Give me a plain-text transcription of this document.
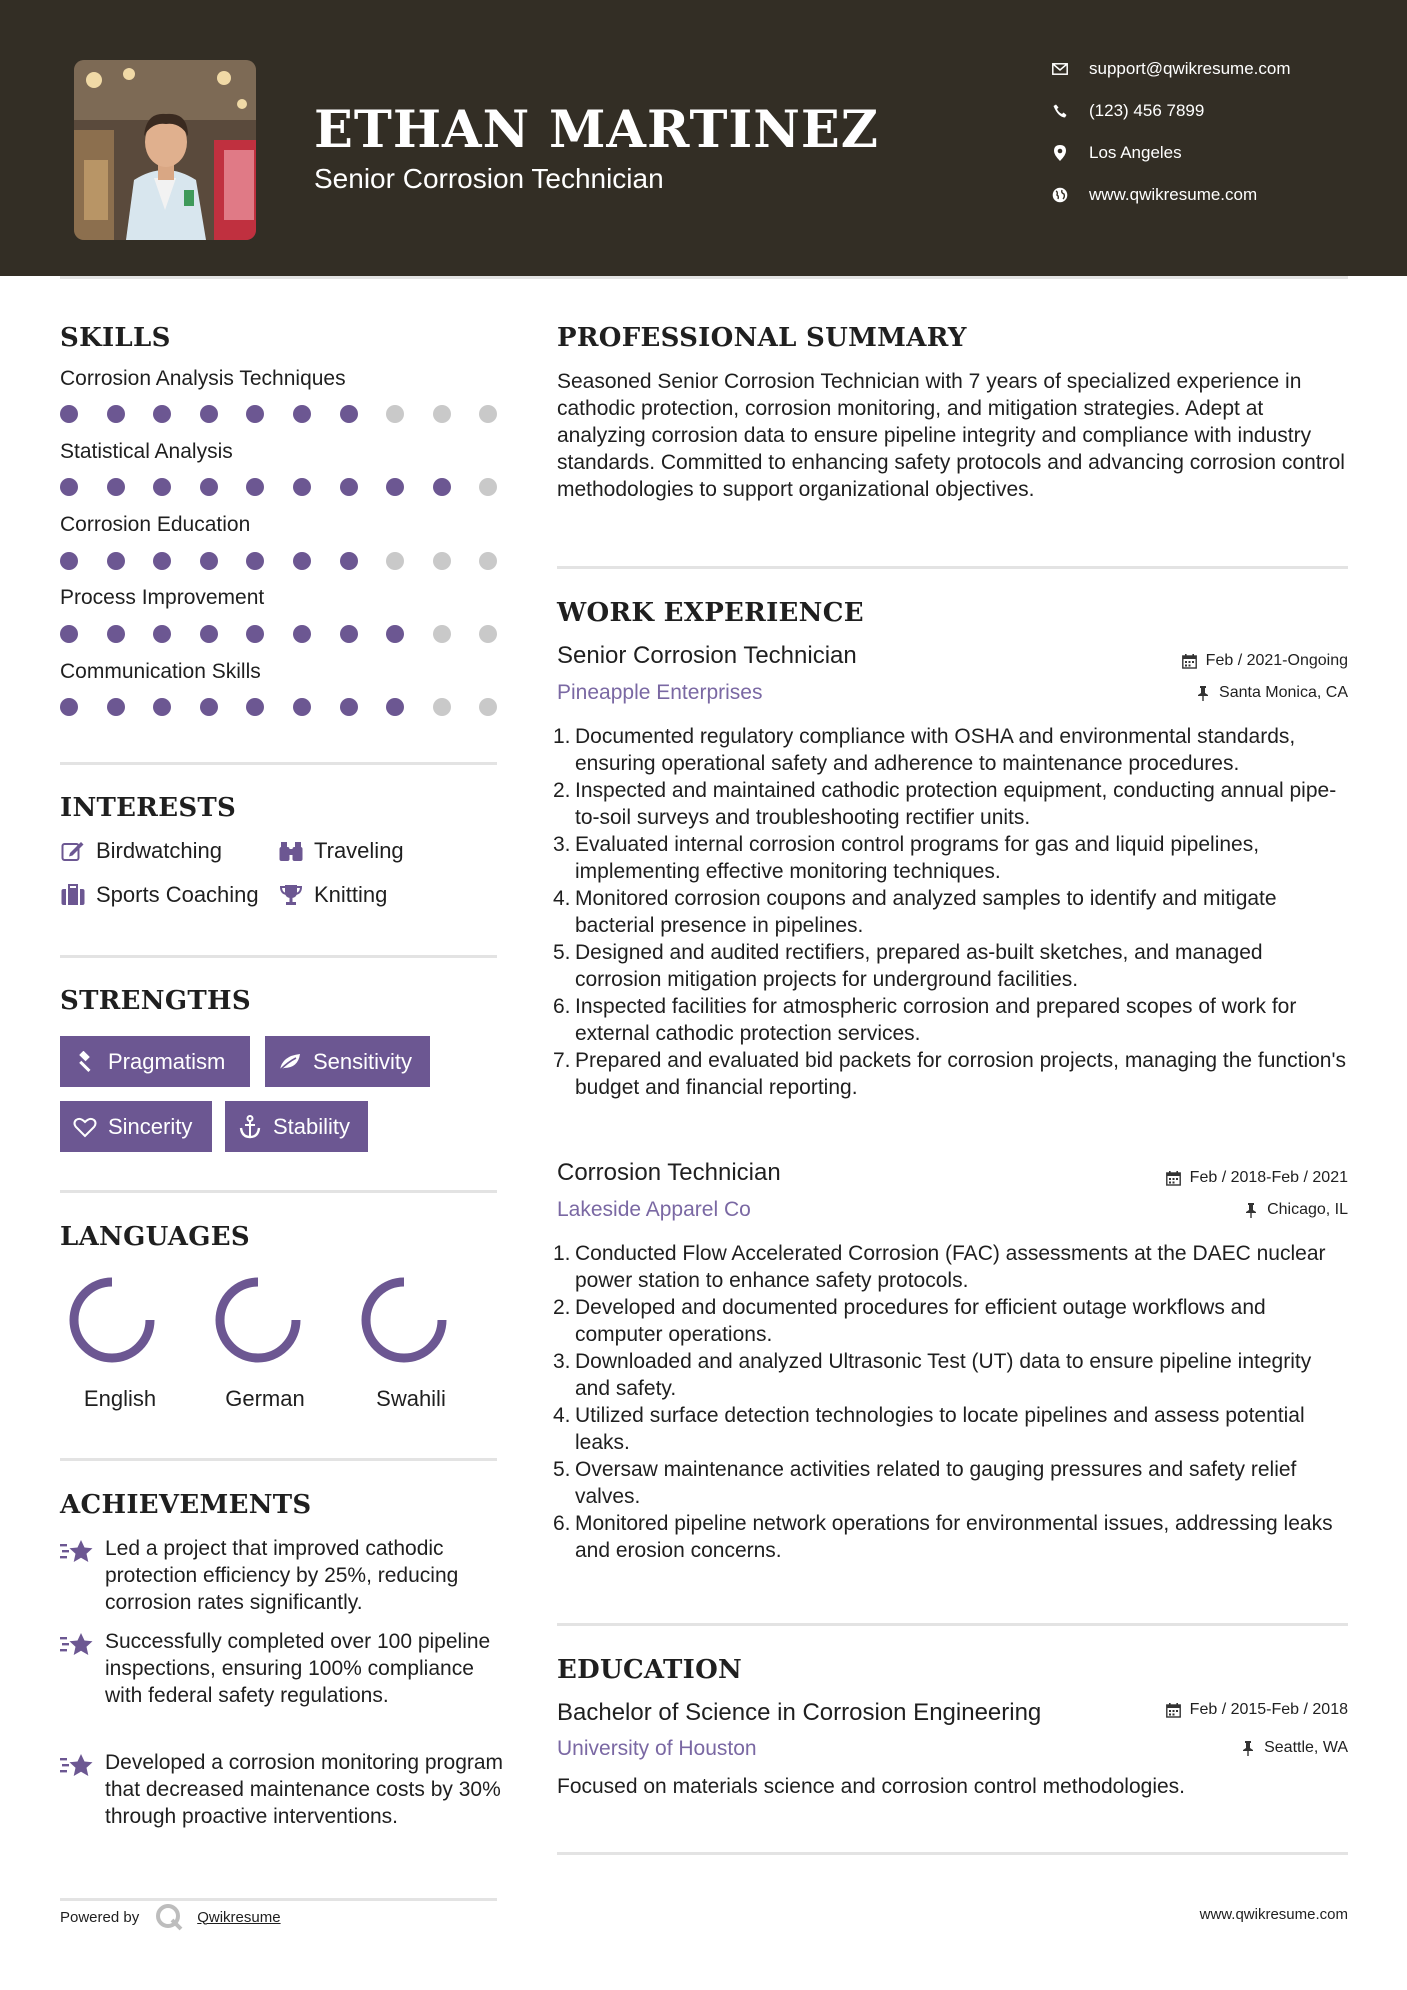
ETHAN MARTINEZ
Senior Corrosion Technician
support@qwikresume.com
(123) 456 7899
Los Angeles
www.qwikresume.com
SKILLS
Corrosion Analysis Techniques
Statistical Analysis
Corrosion Education
Process Improvement
Communication Skills
INTERESTS
Birdwatching	Traveling
Sports Coaching	Knitting
STRENGTHS
Pragmatism	Sensitivity
Sincerity	Stability
LANGUAGES
English	German	Swahili
ACHIEVEMENTS
Led a project that improved cathodic protection efficiency by 25%, reducing corrosion rates significantly.
Successfully completed over 100 pipeline inspections, ensuring 100% compliance with federal safety regulations.
Developed a corrosion monitoring program that decreased maintenance costs by 30% through proactive interventions.
PROFESSIONAL SUMMARY
Seasoned Senior Corrosion Technician with 7 years of specialized experience in cathodic protection, corrosion monitoring, and mitigation strategies. Adept at analyzing corrosion data to ensure pipeline integrity and compliance with industry standards. Committed to enhancing safety protocols and advancing corrosion control methodologies to support organizational objectives.
WORK EXPERIENCE
Senior Corrosion Technician	Feb / 2021-Ongoing
Pineapple Enterprises	Santa Monica, CA
1. Documented regulatory compliance with OSHA and environmental standards, ensuring operational safety and adherence to maintenance procedures.
2. Inspected and maintained cathodic protection equipment, conducting annual pipe-to-soil surveys and troubleshooting rectifier units.
3. Evaluated internal corrosion control programs for gas and liquid pipelines, implementing effective monitoring techniques.
4. Monitored corrosion coupons and analyzed samples to identify and mitigate bacterial presence in pipelines.
5. Designed and audited rectifiers, prepared as-built sketches, and managed corrosion mitigation projects for underground facilities.
6. Inspected facilities for atmospheric corrosion and prepared scopes of work for external cathodic protection services.
7. Prepared and evaluated bid packets for corrosion projects, managing the function's budget and financial reporting.
Corrosion Technician	Feb / 2018-Feb / 2021
Lakeside Apparel Co	Chicago, IL
1. Conducted Flow Accelerated Corrosion (FAC) assessments at the DAEC nuclear power station to enhance safety protocols.
2. Developed and documented procedures for efficient outage workflows and computer operations.
3. Downloaded and analyzed Ultrasonic Test (UT) data to ensure pipeline integrity and safety.
4. Utilized surface detection technologies to locate pipelines and assess potential leaks.
5. Oversaw maintenance activities related to gauging pressures and safety relief valves.
6. Monitored pipeline network operations for environmental issues, addressing leaks and erosion concerns.
EDUCATION
Bachelor of Science in Corrosion Engineering	Feb / 2015-Feb / 2018
University of Houston	Seattle, WA
Focused on materials science and corrosion control methodologies.
Powered by	Qwikresume	www.qwikresume.com
